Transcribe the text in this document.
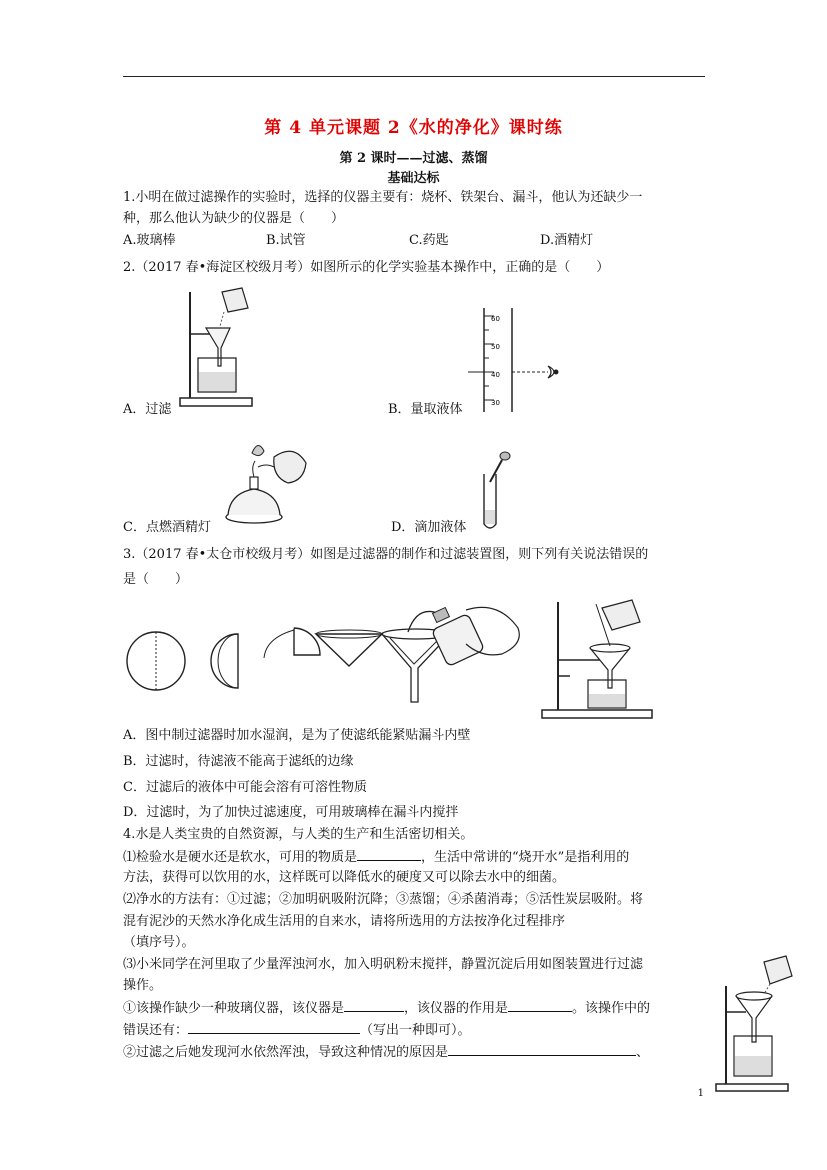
第 4 单元课题 2《水的净化》课时练
第 2 课时——过滤、蒸馏
基础达标
1.小明在做过滤操作的实验时，选择的仪器主要有：烧杯、铁架台、漏斗，他认为还缺少一
种，那么他认为缺少的仪器是（　　）
A.玻璃棒	B.试管	C.药匙	D.酒精灯
2.（2017 春•海淀区校级月考）如图所示的化学实验基本操作中，正确的是（　　）
A．过滤
60
50
40
30
B．量取液体
C．点燃酒精灯	D．滴加液体
3.（2017 春•太仓市校级月考）如图是过滤器的制作和过滤装置图，则下列有关说法错误的
是（　　）
A．图中制过滤器时加水湿润，是为了使滤纸能紧贴漏斗内壁
B．过滤时，待滤液不能高于滤纸的边缘
C．过滤后的液体中可能会溶有可溶性物质
D．过滤时，为了加快过滤速度，可用玻璃棒在漏斗内搅拌
4.水是人类宝贵的自然资源，与人类的生产和生活密切相关。
⑴检验水是硬水还是软水，可用的物质是	，生活中常讲的“烧开水”是指利用的
方法，获得可以饮用的水，这样既可以降低水的硬度又可以除去水中的细菌。
⑵净水的方法有：①过滤；②加明矾吸附沉降；③蒸馏；④杀菌消毒；⑤活性炭层吸附。将
混有泥沙的天然水净化成生活用的自来水，请将所选用的方法按净化过程排序
（填序号）。
⑶小米同学在河里取了少量浑浊河水，加入明矾粉末搅拌，静置沉淀后用如图装置进行过滤
操作。
①该操作缺少一种玻璃仪器，该仪器是	，该仪器的作用是	。该操作中的
错误还有：	（写出一种即可）。
②过滤之后她发现河水依然浑浊，导致这种情况的原因是	、
1
